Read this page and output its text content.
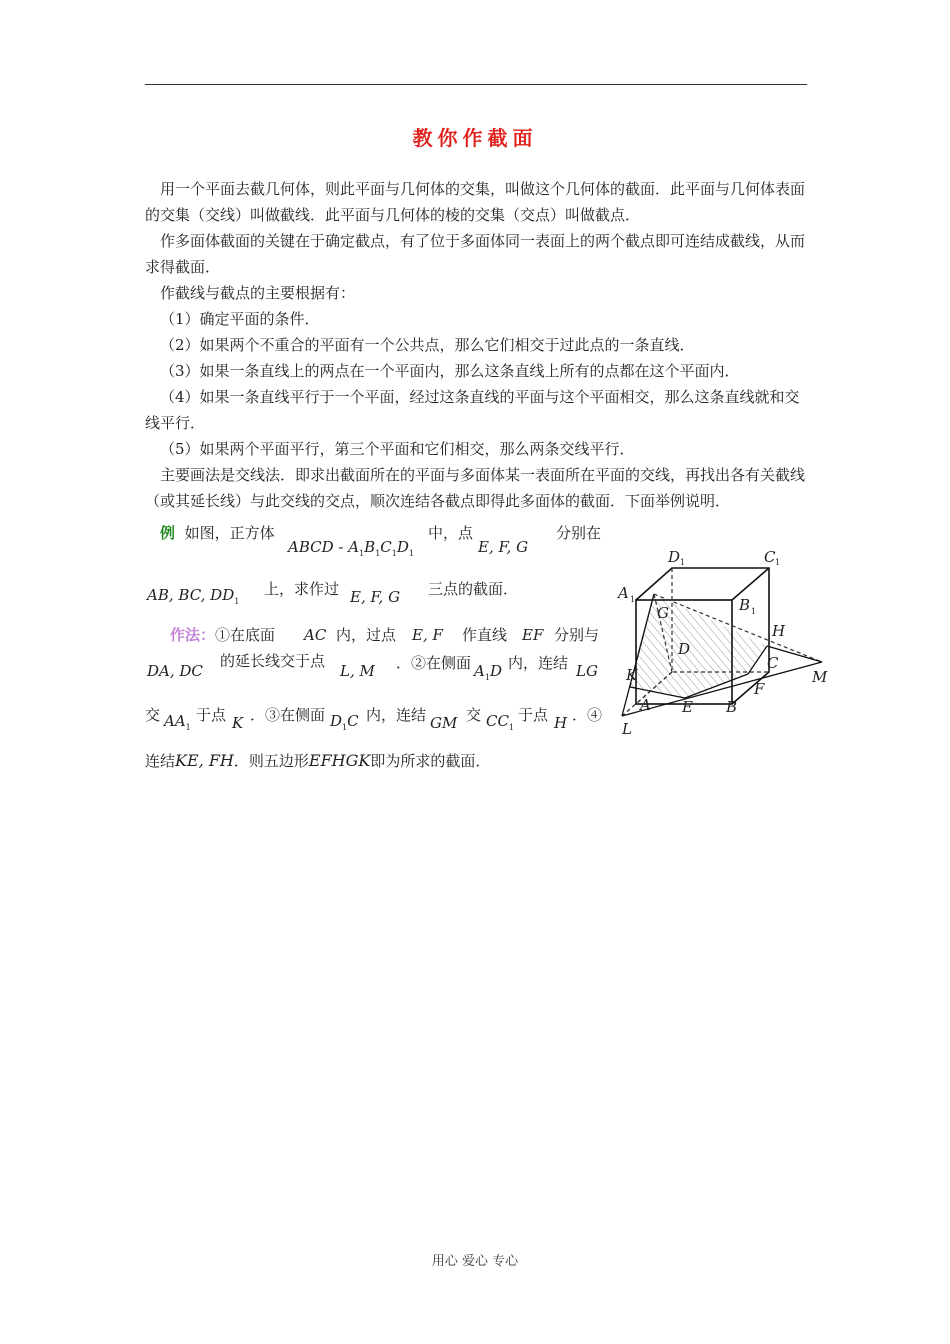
教你作截面
用一个平面去截几何体，则此平面与几何体的交集，叫做这个几何体的截面．此平面与几何体表面的交集（交线）叫做截线．此平面与几何体的棱的交集（交点）叫做截点．
作多面体截面的关键在于确定截点，有了位于多面体同一表面上的两个截点即可连结成截线，从而求得截面．
作截线与截点的主要根据有：
（1）确定平面的条件．
（2）如果两个不重合的平面有一个公共点，那么它们相交于过此点的一条直线．
（3）如果一条直线上的两点在一个平面内，那么这条直线上所有的点都在这个平面内．
（4）如果一条直线平行于一个平面，经过这条直线的平面与这个平面相交，那么这条直线就和交线平行．
（5）如果两个平面平行，第三个平面和它们相交，那么两条交线平行．
主要画法是交线法．即求出截面所在的平面与多面体某一表面所在平面的交线，再找出各有关截线（或其延长线）与此交线的交点，顺次连结各截点即得此多面体的截面．下面举例说明．
例 如图，正方体
ABCD - $A_1B_1C_1D_1$
中，点
E, F, G
分别在
AB, BC, $DD_1$
上，求作过 E, F, G 三点的截面．
作法：①在底面 AC 内，过点 E, F 作直线 EF 分别与
DA, DC
的延长线交于点
L, M ．②在侧面 $A_1D$ 内，连结 LG
交 $AA_1$
于点 K ．③在侧面 $D_1C$ 内，连结 GM 交 $CC_1$
于点 H ．④
连结KE, FH．则五边形EFHGK即为所求的截面．
D 1	C 1
A 1	B 1
G
H
D
C
K
F
M
E B
A
L
用心 爱心 专心
